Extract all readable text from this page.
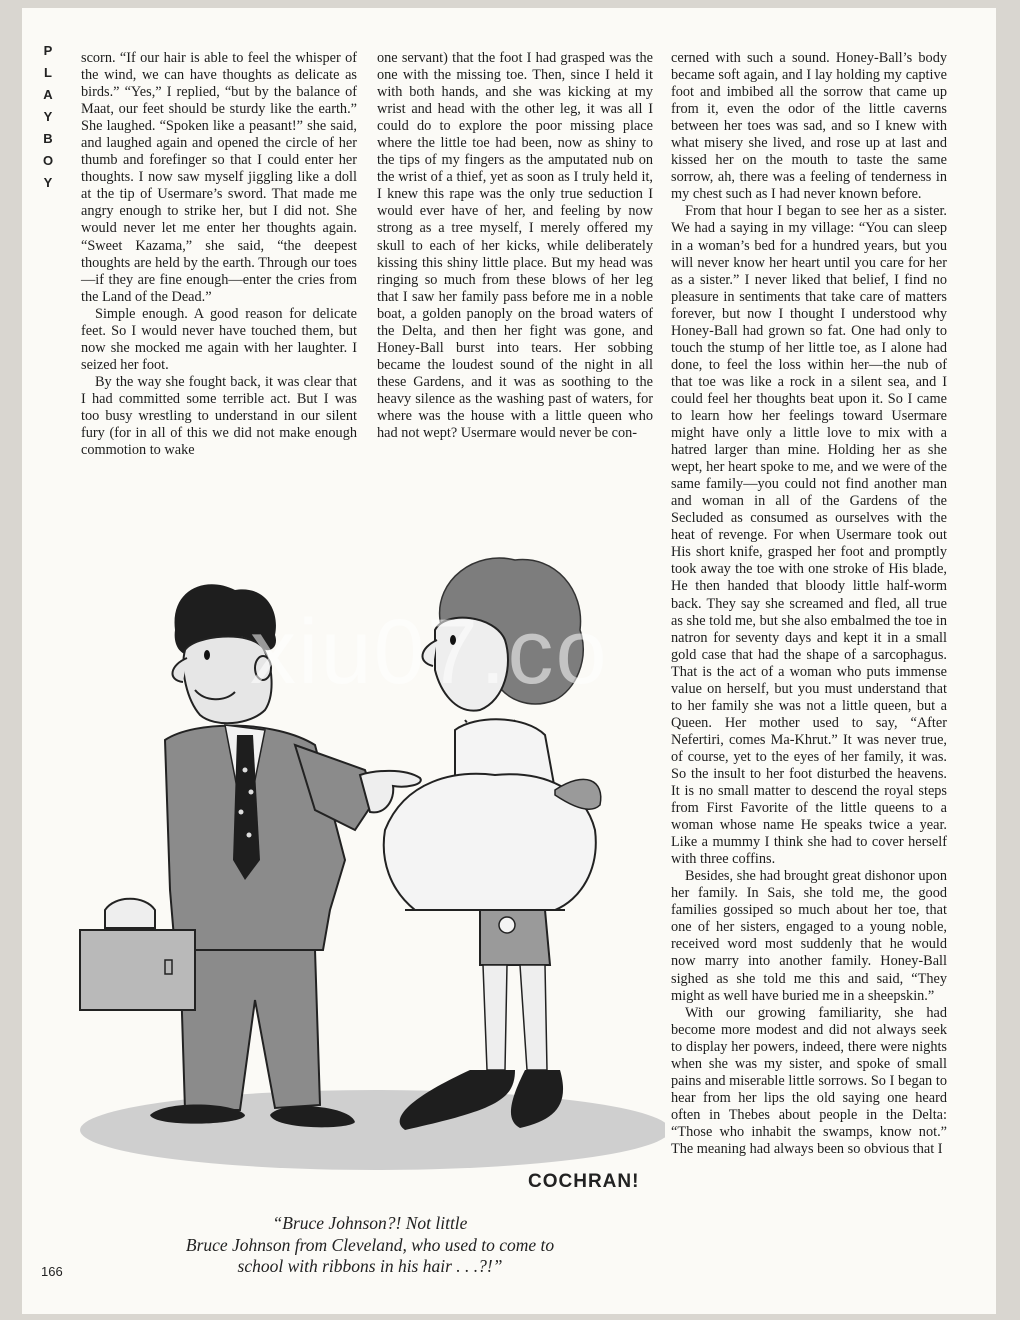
P
L
A
Y
B
O
Y

scorn. “If our hair is able to feel the whisper of the wind, we can have thoughts as delicate as birds.” “Yes,” I replied, “but by the balance of Maat, our feet should be sturdy like the earth.” She laughed. “Spoken like a peasant!” she said, and laughed again and opened the circle of her thumb and forefinger so that I could enter her thoughts. I now saw myself jiggling like a doll at the tip of Usermare’s sword. That made me angry enough to strike her, but I did not. She would never let me enter her thoughts again. “Sweet Kazama,” she said, “the deepest thoughts are held by the earth. Through our toes—if they are fine enough—enter the cries from the Land of the Dead.”

Simple enough. A good reason for delicate feet. So I would never have touched them, but now she mocked me again with her laughter. I seized her foot.

By the way she fought back, it was clear that I had committed some terrible act. But I was too busy wrestling to understand in our silent fury (for in all of this we did not make enough commotion to wake

one servant) that the foot I had grasped was the one with the missing toe. Then, since I held it with both hands, and she was kicking at my wrist and head with the other leg, it was all I could do to explore the poor missing place where the little toe had been, now as shiny to the tips of my fingers as the amputated nub on the wrist of a thief, yet as soon as I truly held it, I knew this rape was the only true seduction I would ever have of her, and feeling by now strong as a tree myself, I merely offered my skull to each of her kicks, while deliberately kissing this shiny little place. But my head was ringing so much from these blows of her leg that I saw her family pass before me in a noble boat, a golden panoply on the broad waters of the Delta, and then her fight was gone, and Honey-Ball burst into tears. Her sobbing became the loudest sound of the night in all these Gardens, and it was as soothing to the heavy silence as the washing past of waters, for where was the house with a little queen who had not wept? Usermare would never be con-

cerned with such a sound. Honey-Ball’s body became soft again, and I lay holding my captive foot and imbibed all the sorrow that came up from it, even the odor of the little caverns between her toes was sad, and so I knew with what misery she lived, and rose up at last and kissed her on the mouth to taste the same sorrow, ah, there was a feeling of tenderness in my chest such as I had never known before.

From that hour I began to see her as a sister. We had a saying in my village: “You can sleep in a woman’s bed for a hundred years, but you will never know her heart until you care for her as a sister.” I never liked that belief, I find no pleasure in sentiments that take care of matters forever, but now I thought I understood why Honey-Ball had grown so fat. One had only to touch the stump of her little toe, as I alone had done, to feel the loss within her—the nub of that toe was like a rock in a silent sea, and I could feel her thoughts beat upon it. So I came to learn how her feelings toward Usermare might have only a little love to mix with a hatred larger than mine. Holding her as she wept, her heart spoke to me, and we were of the same family—you could not find another man and woman in all of the Gardens of the Secluded as consumed as ourselves with the heat of revenge. For when Usermare took out His short knife, grasped her foot and promptly took away the toe with one stroke of His blade, He then handed that bloody little half-worm back. They say she screamed and fled, all true as she told me, but she also embalmed the toe in natron for seventy days and kept it in a small gold case that had the shape of a sarcophagus. That is the act of a woman who puts immense value on herself, but you must understand that to her family she was not a little queen, but a Queen. Her mother used to say, “After Nefertiri, comes Ma-Khrut.” It was never true, of course, yet to the eyes of her family, it was. So the insult to her foot disturbed the heavens. It is no small matter to descend the royal steps from First Favorite of the little queens to a woman whose name He speaks twice a year. Like a mummy I think she had to cover herself with three coffins.

Besides, she had brought great dishonor upon her family. In Sais, she told me, the good families gossiped so much about her toe, that one of her sisters, engaged to a young noble, received word most suddenly that he would now marry into another family. Honey-Ball sighed as she told me this and said, “They might as well have buried me in a sheepskin.”

With our growing familiarity, she had become more modest and did not always seek to display her powers, indeed, there were nights when she was my sister, and spoke of small pains and miserable little sorrows. So I began to hear from her lips the old saying one heard often in Thebes about people in the Delta: “Those who inhabit the swamps, know not.” The meaning had always been so obvious that I

xiu07.co
COCHRAN!
“Bruce Johnson?! Not little
Bruce Johnson from Cleveland, who used to come to
school with ribbons in his hair . . .?!”
166
